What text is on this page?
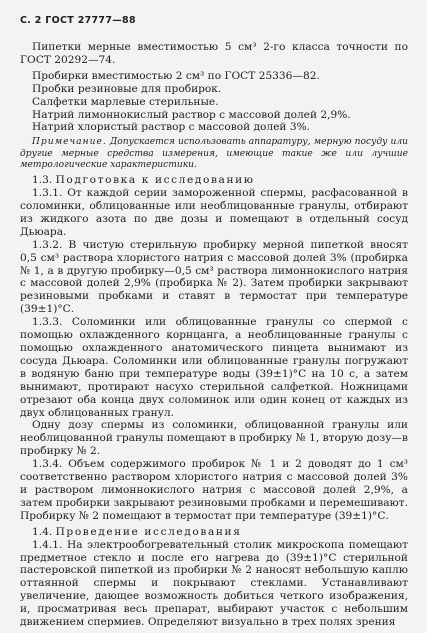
С. 2 ГОСТ 27777—88

Пипетки мерные вместимостью 5 см³ 2-го класса точности по ГОСТ 20292—74.

Пробирки вместимостью 2 см³ по ГОСТ 25336—82.

Пробки резиновые для пробирок.

Салфетки марлевые стерильные.

Натрий лимоннокислый раствор с массовой долей 2,9%.

Натрий хлористый раствор с массовой долей 3%.

Примечание. Допускается использовать аппаратуру, мерную посуду или другие мерные средства измерения, имеющие такие же или лучшие метрологические характеристики.

1.3. Подготовка к исследованию

1.3.1. От каждой серии замороженной спермы, расфасованной в соломинки, облицованные или необлицованные гранулы, отбирают из жидкого азота по две дозы и помещают в отдельный сосуд Дьюара.

1.3.2. В чистую стерильную пробирку мерной пипеткой вносят 0,5 см³ раствора хлористого натрия с массовой долей 3% (пробирка № 1, а в другую пробирку—0,5 см³ раствора лимоннокислого натрия с массовой долей 2,9% (пробирка № 2). Затем пробирки закрывают резиновыми пробками и ставят в термостат при температуре (39±1)°С.

1.3.3. Соломинки или облицованные гранулы со спермой с помощью охлажденного корнцанга, а необлицованные гранулы с помощью охлажденного анатомического пинцета вынимают из сосуда Дьюара. Соломинки или облицованные гранулы погружают в водяную баню при температуре воды (39±1)°С на 10 с, а затем вынимают, протирают насухо стерильной салфеткой. Ножницами отрезают оба конца двух соломинок или один конец от каждых из двух облицованных гранул.

Одну дозу спермы из соломинки, облицованной гранулы или необлицованной гранулы помещают в пробирку № 1, вторую дозу—в пробирку № 2.

1.3.4. Объем содержимого пробирок № 1 и 2 доводят до 1 см³ соответственно раствором хлористого натрия с массовой долей 3% и раствором лимоннокислого натрия с массовой долей 2,9%, а затем пробирки закрывают резиновыми пробками и перемешивают. Пробирку № 2 помещают в термостат при температуре (39±1)°С.

1.4. Проведение исследования

1.4.1. На электрообогревательный столик микроскопа помещают предметное стекло и после его нагрева до (39±1)°С стерильной пастеровской пипеткой из пробирки № 2 наносят небольшую каплю оттаянной спермы и покрывают стеклами. Устанавливают увеличение, дающее возможность добиться четкого изображения, и, просматривая весь препарат, выбирают участок с небольшим движением спермиев. Определяют визуально в трех полях зрения
